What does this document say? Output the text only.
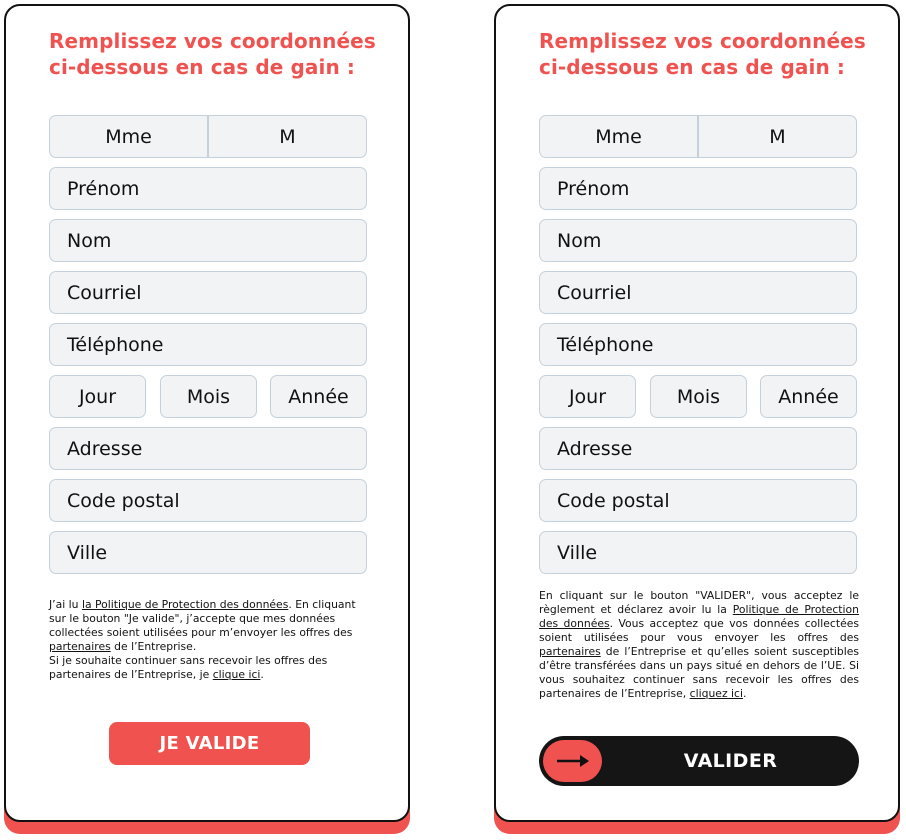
Remplissez vos coordonnées
ci-dessous en cas de gain :
Mme	M
Prénom
Nom
Courriel
Téléphone
Jour	Mois	Année
Adresse
Code postal
Ville
J’ai lu la Politique de Protection des données. En cliquant sur le bouton "Je valide", j’accepte que mes données collectées soient utilisées pour m’envoyer les offres des partenaires de l’Entreprise.
Si je souhaite continuer sans recevoir les offres des partenaires de l’Entreprise, je clique ici.
JE VALIDE
Remplissez vos coordonnées
ci-dessous en cas de gain :
Mme	M
Prénom
Nom
Courriel
Téléphone
Jour	Mois	Année
Adresse
Code postal
Ville
En cliquant sur le bouton "VALIDER", vous acceptez le règlement et déclarez avoir lu la Politique de Protection des données. Vous acceptez que vos données collectées soient utilisées pour vous envoyer les offres des partenaires de l’Entreprise et qu’elles soient susceptibles d’être transférées dans un pays situé en dehors de l’UE. Si vous souhaitez continuer sans recevoir les offres des partenaires de l’Entreprise, cliquez ici.
VALIDER
